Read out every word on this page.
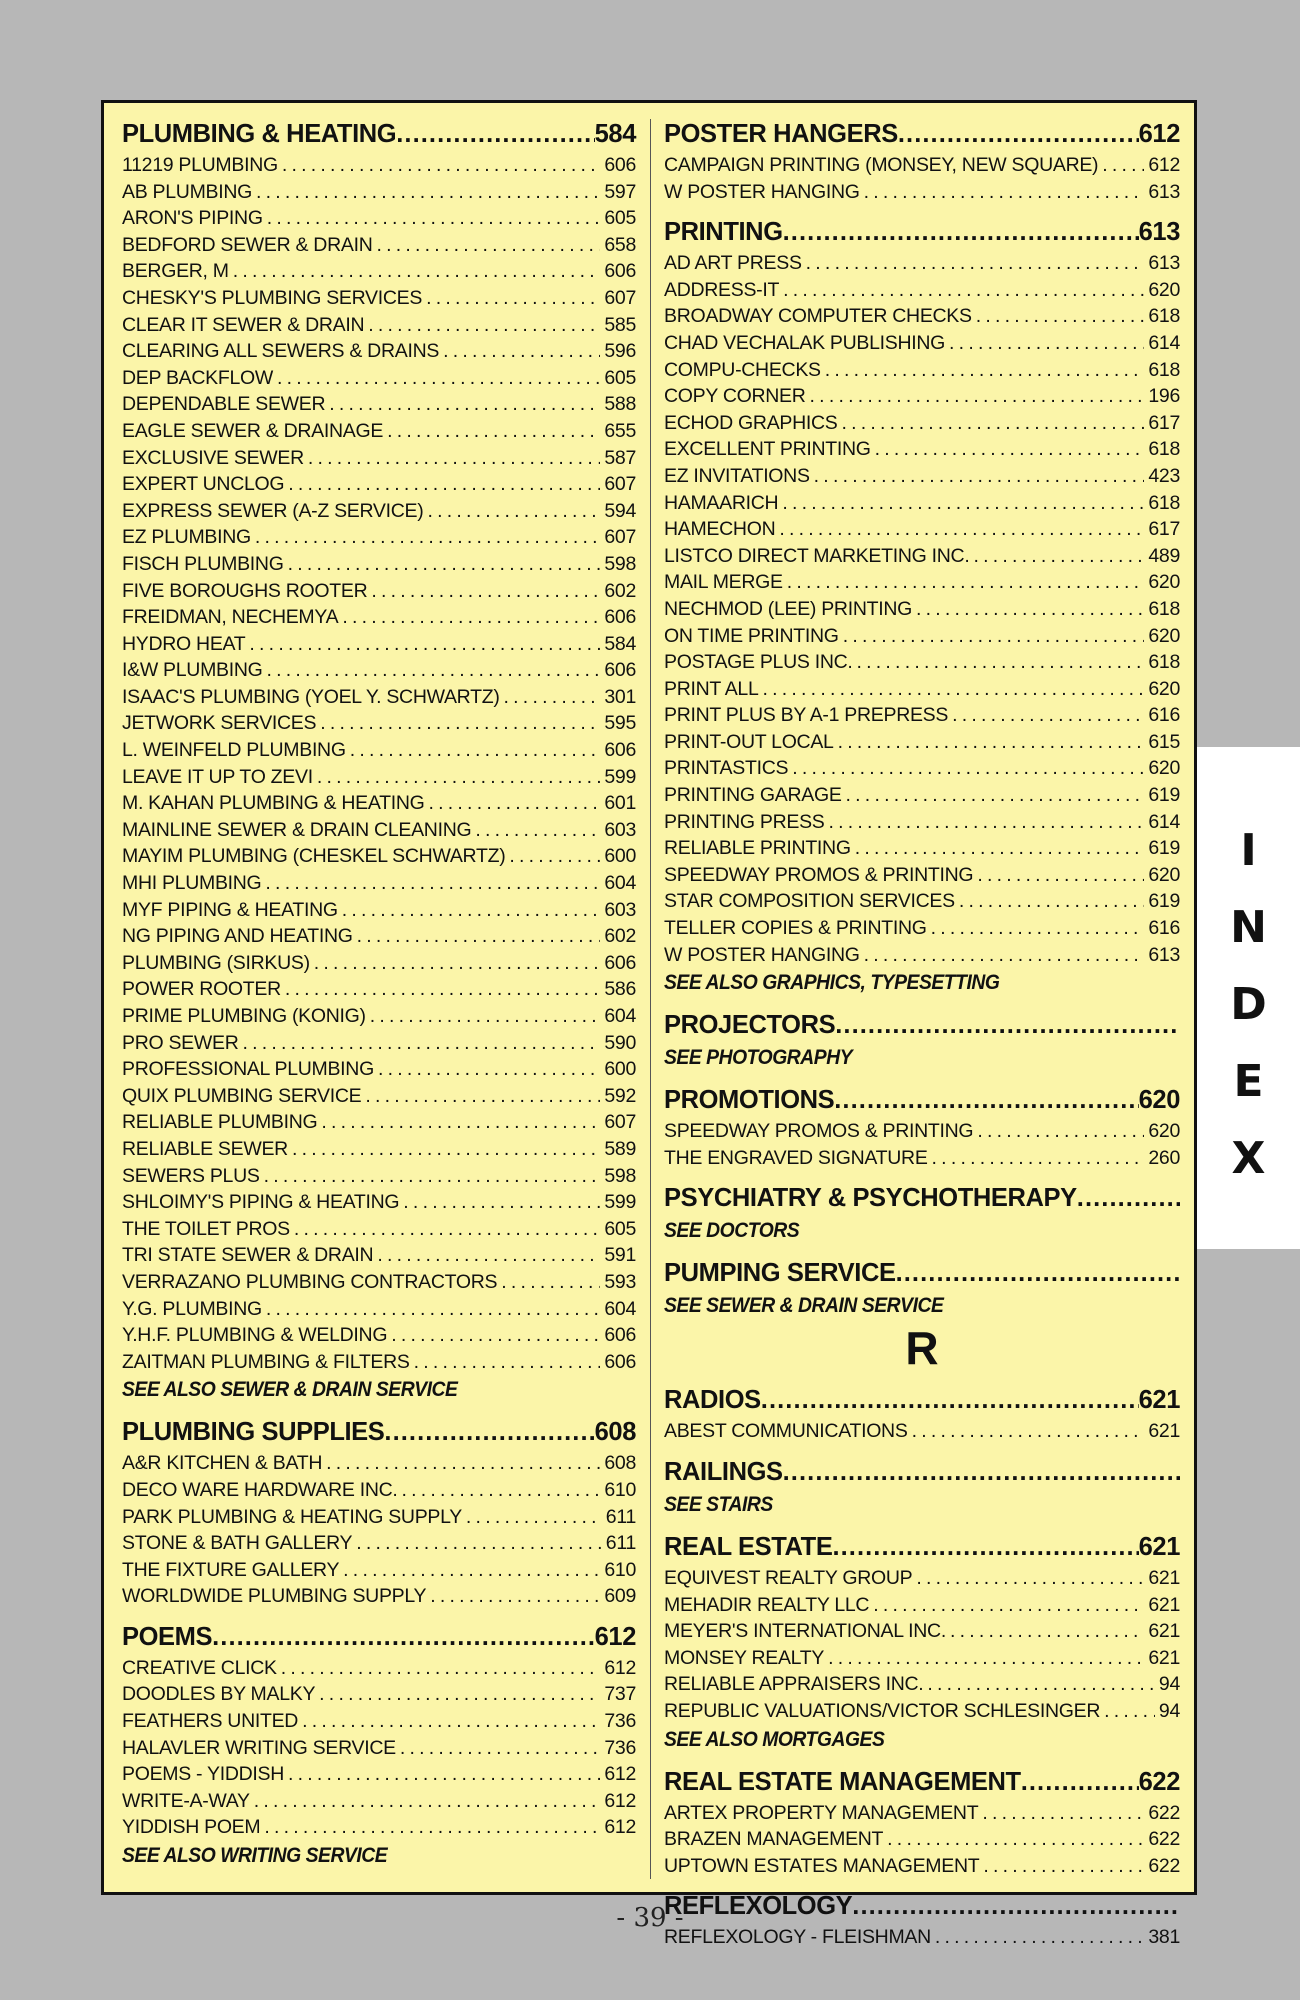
PLUMBING & HEATING . . .	584
11219 PLUMBING . . .	606
AB PLUMBING . . .	597
ARON'S PIPING . . .	605
BEDFORD SEWER & DRAIN . . .	658
BERGER, M . . .	606
CHESKY'S PLUMBING SERVICES . . .	607
CLEAR IT SEWER & DRAIN . . .	585
CLEARING ALL SEWERS & DRAINS . . .	596
DEP BACKFLOW . . .	605
DEPENDABLE SEWER . . .	588
EAGLE SEWER & DRAINAGE . . .	655
EXCLUSIVE SEWER . . .	587
EXPERT UNCLOG . . .	607
EXPRESS SEWER (A-Z SERVICE) . . .	594
EZ PLUMBING . . .	607
FISCH PLUMBING . . .	598
FIVE BOROUGHS ROOTER . . .	602
FREIDMAN, NECHEMYA . . .	606
HYDRO HEAT . . .	584
I&W PLUMBING . . .	606
ISAAC'S PLUMBING (YOEL Y. SCHWARTZ) . . .	301
JETWORK SERVICES . . .	595
L. WEINFELD PLUMBING . . .	606
LEAVE IT UP TO ZEVI . . .	599
M. KAHAN PLUMBING & HEATING . . .	601
MAINLINE SEWER & DRAIN CLEANING . . .	603
MAYIM PLUMBING (CHESKEL SCHWARTZ) . . .	600
MHI PLUMBING . . .	604
MYF PIPING & HEATING . . .	603
NG PIPING AND HEATING . . .	602
PLUMBING (SIRKUS) . . .	606
POWER ROOTER . . .	586
PRIME PLUMBING (KONIG) . . .	604
PRO SEWER . . .	590
PROFESSIONAL PLUMBING . . .	600
QUIX PLUMBING SERVICE . . .	592
RELIABLE PLUMBING . . .	607
RELIABLE SEWER . . .	589
SEWERS PLUS . . .	598
SHLOIMY'S PIPING & HEATING . . .	599
THE TOILET PROS . . .	605
TRI STATE SEWER & DRAIN . . .	591
VERRAZANO PLUMBING CONTRACTORS . . .	593
Y.G. PLUMBING . . .	604
Y.H.F. PLUMBING & WELDING . . .	606
ZAITMAN PLUMBING & FILTERS . . .	606
SEE ALSO SEWER & DRAIN SERVICE
PLUMBING SUPPLIES . . .	608
A&R KITCHEN & BATH . . .	608
DECO WARE HARDWARE INC. . . .	610
PARK PLUMBING & HEATING SUPPLY . . .	611
STONE & BATH GALLERY . . .	611
THE FIXTURE GALLERY . . .	610
WORLDWIDE PLUMBING SUPPLY . . .	609
POEMS . . .	612
CREATIVE CLICK . . .	612
DOODLES BY MALKY . . .	737
FEATHERS UNITED . . .	736
HALAVLER WRITING SERVICE . . .	736
POEMS - YIDDISH . . .	612
WRITE-A-WAY . . .	612
YIDDISH POEM . . .	612
SEE ALSO WRITING SERVICE
POSTER HANGERS . . .	612
CAMPAIGN PRINTING (MONSEY, NEW SQUARE) . . .	612
W POSTER HANGING . . .	613
PRINTING . . .	613
AD ART PRESS . . .	613
ADDRESS-IT . . .	620
BROADWAY COMPUTER CHECKS . . .	618
CHAD VECHALAK PUBLISHING . . .	614
COMPU-CHECKS . . .	618
COPY CORNER . . .	196
ECHOD GRAPHICS . . .	617
EXCELLENT PRINTING . . .	618
EZ INVITATIONS . . .	423
HAMAARICH . . .	618
HAMECHON . . .	617
LISTCO DIRECT MARKETING INC. . . .	489
MAIL MERGE . . .	620
NECHMOD (LEE) PRINTING . . .	618
ON TIME PRINTING . . .	620
POSTAGE PLUS INC. . . .	618
PRINT ALL . . .	620
PRINT PLUS BY A-1 PREPRESS . . .	616
PRINT-OUT LOCAL . . .	615
PRINTASTICS . . .	620
PRINTING GARAGE . . .	619
PRINTING PRESS . . .	614
RELIABLE PRINTING . . .	619
SPEEDWAY PROMOS & PRINTING . . .	620
STAR COMPOSITION SERVICES . . .	619
TELLER COPIES & PRINTING . . .	616
W POSTER HANGING . . .	613
SEE ALSO GRAPHICS, TYPESETTING
PROJECTORS
. . .
SEE PHOTOGRAPHY
PROMOTIONS . . .	620
SPEEDWAY PROMOS & PRINTING . . .	620
THE ENGRAVED SIGNATURE . . .	260
PSYCHIATRY & PSYCHOTHERAPY
. . .
SEE DOCTORS
PUMPING SERVICE
. . .
SEE SEWER & DRAIN SERVICE
R
RADIOS . . .	621
ABEST COMMUNICATIONS . . .	621
RAILINGS
. . .
SEE STAIRS
REAL ESTATE . . .	621
EQUIVEST REALTY GROUP . . .	621
MEHADIR REALTY LLC . . .	621
MEYER'S INTERNATIONAL INC. . . .	621
MONSEY REALTY . . .	621
RELIABLE APPRAISERS INC. . . .	94
REPUBLIC VALUATIONS/VICTOR SCHLESINGER . . .	94
SEE ALSO MORTGAGES
REAL ESTATE MANAGEMENT . . .	622
ARTEX PROPERTY MANAGEMENT . . .	622
BRAZEN MANAGEMENT . . .	622
UPTOWN ESTATES MANAGEMENT . . .	622
REFLEXOLOGY
. . .
REFLEXOLOGY - FLEISHMAN . . .	381
I
N
D
E
X
- 39 -
